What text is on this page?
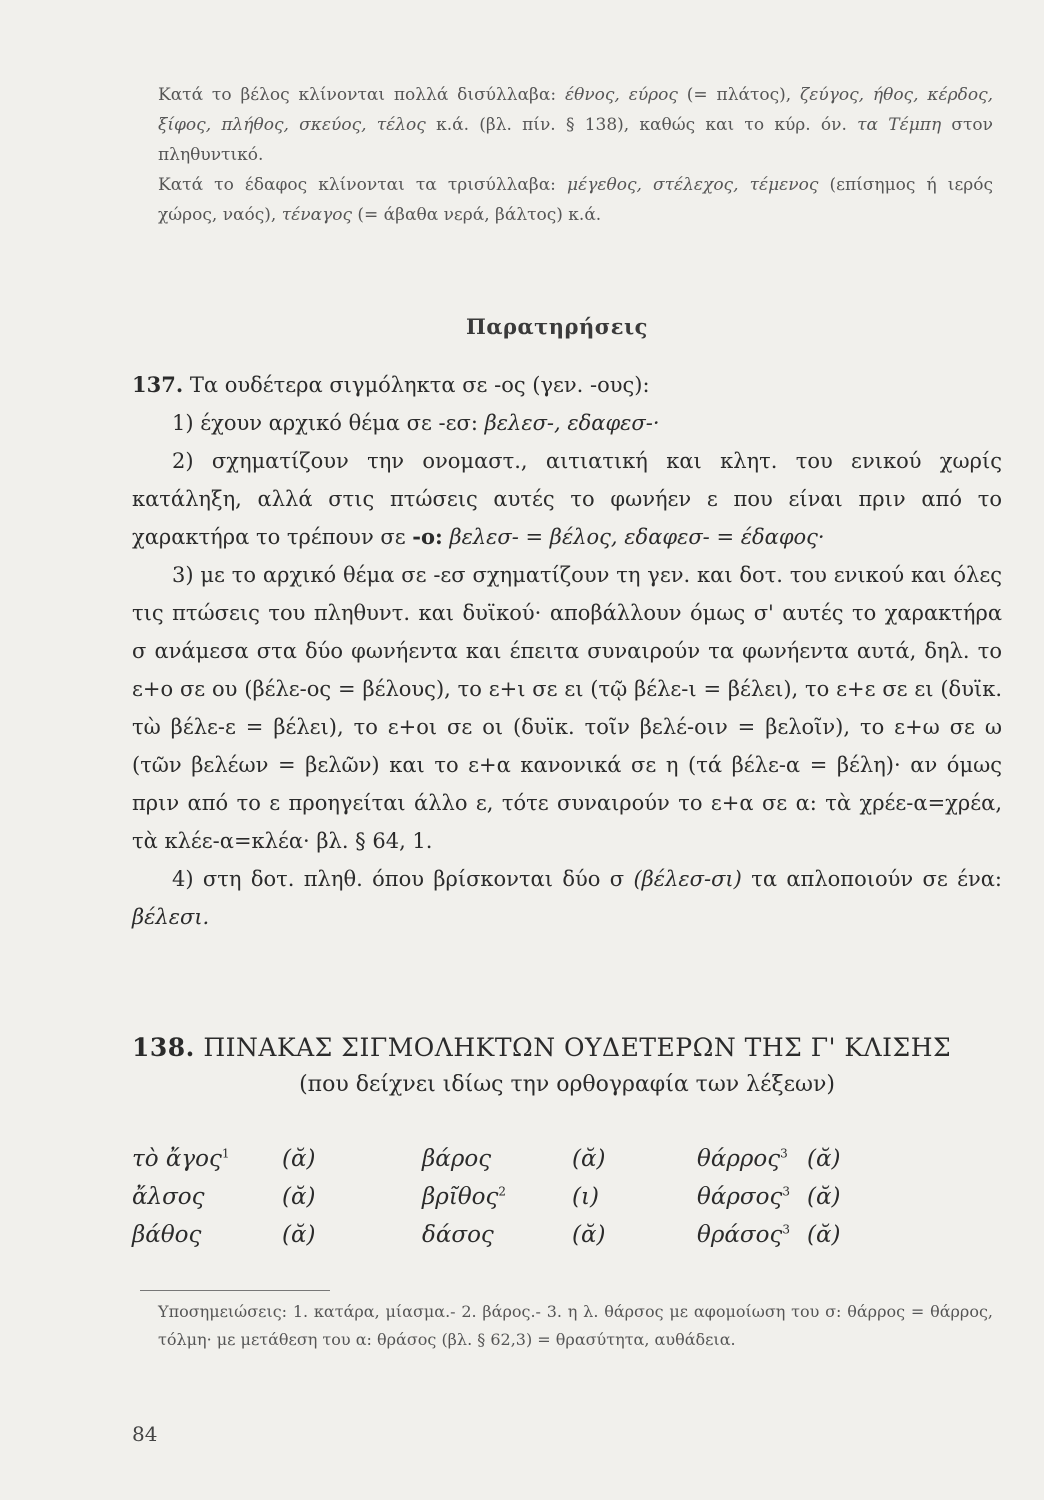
Κατά το βέλος κλίνονται πολλά δισύλλαβα: έθνος, εύρος (= πλάτος), ζεύγος, ήθος, κέρδος, ξίφος, πλήθος, σκεύος, τέλος κ.ά. (βλ. πίν. § 138), καθώς και το κύρ. όν. τα Τέμπη στον πληθυντικό.

Κατά το έδαφος κλίνονται τα τρισύλλαβα: μέγεθος, στέλεχος, τέμενος (επίσημος ή ιερός χώρος, ναός), τέναγος (= άβαθα νερά, βάλτος) κ.ά.

Παρατηρήσεις

137. Τα ουδέτερα σιγμόληκτα σε -ος (γεν. -ους):

1) έχουν αρχικό θέμα σε -εσ: βελεσ-, εδαφεσ-·

2) σχηματίζουν την ονομαστ., αιτιατική και κλητ. του ενικού χωρίς κατάληξη, αλλά στις πτώσεις αυτές το φωνήεν ε που είναι πριν από το χαρακτήρα το τρέπουν σε -ο: βελεσ- = βέλος, εδαφεσ- = έδαφος·

3) με το αρχικό θέμα σε -εσ σχηματίζουν τη γεν. και δοτ. του ενικού και όλες τις πτώσεις του πληθυντ. και δυϊκού· αποβάλλουν όμως σ' αυτές το χαρακτήρα σ ανάμεσα στα δύο φωνήεντα και έπειτα συναιρούν τα φωνήεντα αυτά, δηλ. το ε+ο σε ου (βέλε-ος = βέλους), το ε+ι σε ει (τῷ βέλε-ι = βέλει), το ε+ε σε ει (δυϊκ. τὼ βέλε-ε = βέλει), το ε+οι σε οι (δυϊκ. τοῖν βελέ-οιν = βελοῖν), το ε+ω σε ω (τῶν βελέων = βελῶν) και το ε+α κανονικά σε η (τά βέλε-α = βέλη)· αν όμως πριν από το ε προηγείται άλλο ε, τότε συναιρούν το ε+α σε α: τὰ χρέε-α=χρέα, τὰ κλέε-α=κλέα· βλ. § 64, 1.

4) στη δοτ. πληθ. όπου βρίσκονται δύο σ (βέλεσ-σι) τα απλοποιούν σε ένα: βέλεσι.

138. ΠΙΝΑΚΑΣ ΣΙΓΜΟΛΗΚΤΩΝ ΟΥΔΕΤΕΡΩΝ ΤΗΣ Γ' ΚΛΙΣΗΣ
(που δείχνει ιδίως την ορθογραφία των λέξεων)
τὸ ἄγος$^1$	(ᾰ)	βάρος	(ᾰ)	θάρρος$^3$ (ᾰ)
ἄλσος	(ᾰ)	βρῖθος$^2$	(ι)	θάρσος$^3$ (ᾰ)
βάθος	(ᾰ)	δάσος	(ᾰ)	θράσος$^3$ (ᾰ)
Υποσημειώσεις: 1. κατάρα, μίασμα.- 2. βάρος.- 3. η λ. θάρσος με αφομοίωση του σ: θάρρος = θάρρος, τόλμη· με μετάθεση του α: θράσος (βλ. § 62,3) = θρασύτητα, αυθάδεια.
84
